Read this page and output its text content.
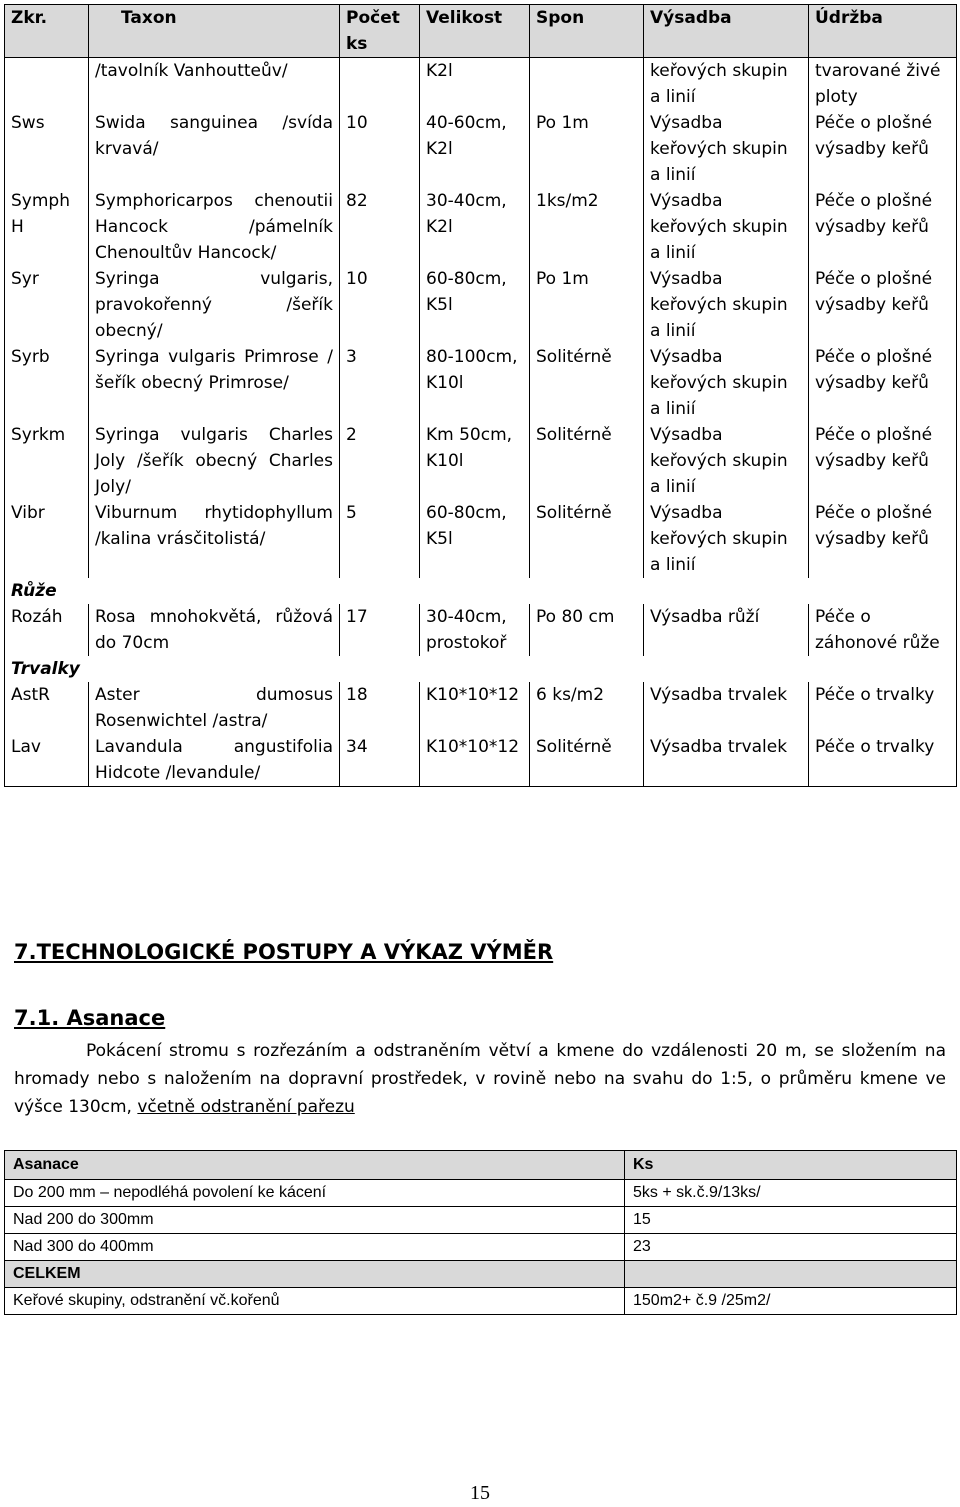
Zkr.	Taxon	Počet ks	Velikost	Spon	Výsadba	Údržba
	/tavolník Vanhoutteův/		K2l		keřových skupin a linií	tvarované živé ploty
Sws	Swida sanguinea /svída krvavá/	10	40-60cm, K2l	Po 1m	Výsadba keřových skupin a linií	Péče o plošné výsadby keřů
Symph H	Symphoricarpos chenoutii Hancock /pámelník Chenoultův Hancock/	82	30-40cm, K2l	1ks/m2	Výsadba keřových skupin a linií	Péče o plošné výsadby keřů
Syr	Syringa vulgaris, pravokořenný /šeřík obecný/	10	60-80cm, K5l	Po 1m	Výsadba keřových skupin a linií	Péče o plošné výsadby keřů
Syrb	Syringa vulgaris Primrose /šeřík obecný Primrose/	3	80-100cm, K10l	Solitérně	Výsadba keřových skupin a linií	Péče o plošné výsadby keřů
Syrkm	Syringa vulgaris Charles Joly /šeřík obecný Charles Joly/	2	Km 50cm, K10l	Solitérně	Výsadba keřových skupin a linií	Péče o plošné výsadby keřů
Vibr	Viburnum rhytidophyllum /kalina vrásčitolistá/	5	60-80cm, K5l	Solitérně	Výsadba keřových skupin a linií	Péče o plošné výsadby keřů
Růže						
Rozáh	Rosa mnohokvětá, růžová do 70cm	17	30-40cm, prostokoř	Po 80 cm	Výsadba růží	Péče o záhonové růže
Trvalky						
AstR	Aster dumosus Rosenwichtel /astra/	18	K10*10*12	6 ks/m2	Výsadba trvalek	Péče o trvalky
Lav	Lavandula angustifolia Hidcote /levandule/	34	K10*10*12	Solitérně	Výsadba trvalek	Péče o trvalky
7.TECHNOLOGICKÉ POSTUPY A VÝKAZ VÝMĚR
7.1. Asanace
Pokácení stromu s rozřezáním a odstraněním větví a kmene do vzdálenosti 20 m, se složením na hromady nebo s naložením na dopravní prostředek, v rovině nebo na svahu do 1:5, o průměru kmene ve výšce 130cm, včetně odstranění pařezu
Asanace	Ks
Do 200 mm – nepodléhá povolení ke kácení	5ks + sk.č.9/13ks/
Nad 200 do 300mm	15
Nad 300 do 400mm	23
CELKEM	
Keřové skupiny, odstranění vč.kořenů	150m2+ č.9 /25m2/
15
